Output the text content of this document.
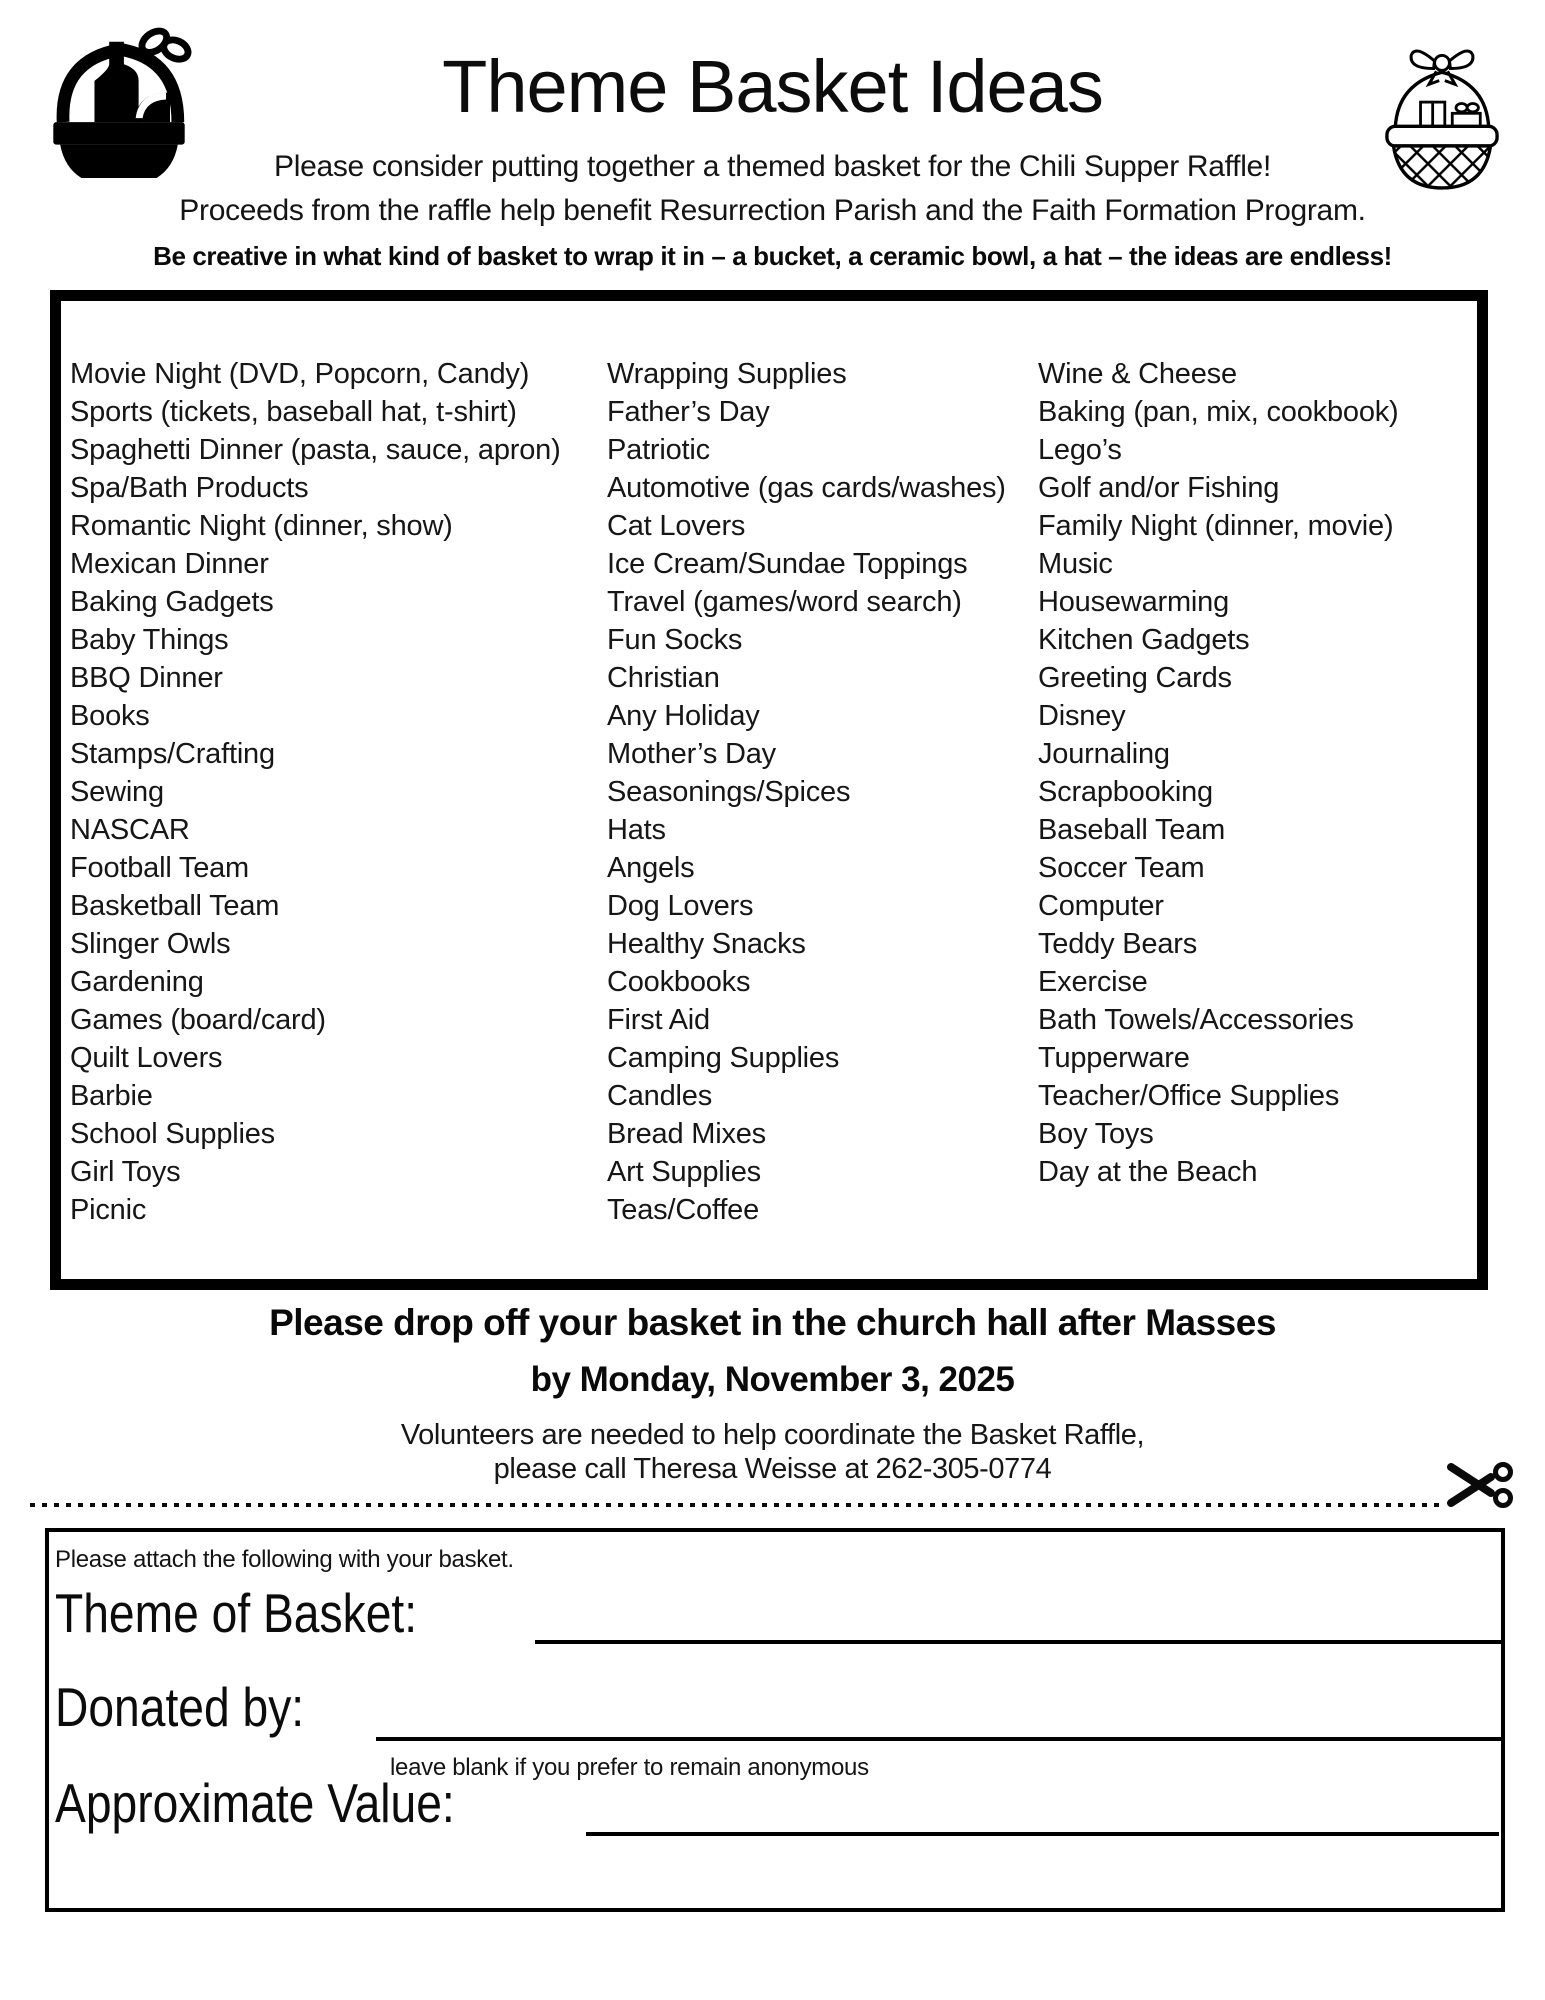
Theme Basket Ideas
Please consider putting together a themed basket for the Chili Supper Raffle!
Proceeds from the raffle help benefit Resurrection Parish and the Faith Formation Program.
Be creative in what kind of basket to wrap it in – a bucket, a ceramic bowl, a hat – the ideas are endless!
Movie Night (DVD, Popcorn, Candy)
Sports (tickets, baseball hat, t-shirt)
Spaghetti Dinner (pasta, sauce, apron)
Spa/Bath Products
Romantic Night (dinner, show)
Mexican Dinner
Baking Gadgets
Baby Things
BBQ Dinner
Books
Stamps/Crafting
Sewing
NASCAR
Football Team
Basketball Team
Slinger Owls
Gardening
Games (board/card)
Quilt Lovers
Barbie
School Supplies
Girl Toys
Picnic
Wrapping Supplies
Father’s Day
Patriotic
Automotive (gas cards/washes)
Cat Lovers
Ice Cream/Sundae Toppings
Travel (games/word search)
Fun Socks
Christian
Any Holiday
Mother’s Day
Seasonings/Spices
Hats
Angels
Dog Lovers
Healthy Snacks
Cookbooks
First Aid
Camping Supplies
Candles
Bread Mixes
Art Supplies
Teas/Coffee
Wine & Cheese
Baking (pan, mix, cookbook)
Lego’s
Golf and/or Fishing
Family Night (dinner, movie)
Music
Housewarming
Kitchen Gadgets
Greeting Cards
Disney
Journaling
Scrapbooking
Baseball Team
Soccer Team
Computer
Teddy Bears
Exercise
Bath Towels/Accessories
Tupperware
Teacher/Office Supplies
Boy Toys
Day at the Beach
Please drop off your basket in the church hall after Masses
by Monday, November 3, 2025
Volunteers are needed to help coordinate the Basket Raffle,
please call Theresa Weisse at 262-305-0774
Please attach the following with your basket.
Theme of Basket:
Donated by:
leave blank if you prefer to remain anonymous
Approximate Value:
